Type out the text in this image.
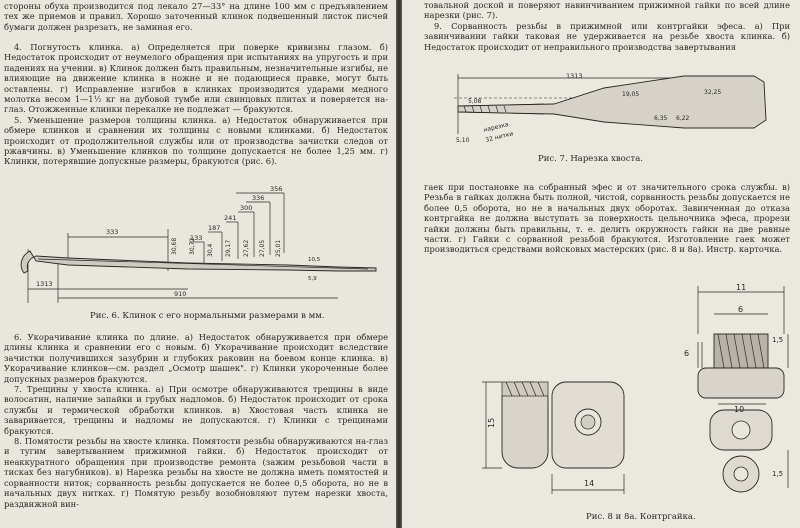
стороны обуха производится под лекало 27—33° на длине 100 мм с предъявлением тех же приемов и правил. Хорошо заточенный клинок подвешенный листок писчей бумаги должен разрезать, не заминая его.

4. Погнутость клинка. а) Определяется при поверке кривизны глазом. б) Недостаток происходит от неумелого обращения при испытаниях на упругость и при падениях на учении. в) Клинок должен быть правильным, незначительные изгибы, не влияющие на движение клинка в ножне и не подающиеся правке, могут быть оставлены. г) Исправление изгибов в клинках производится ударами медного молотка весом 1—1½ кг на дубовой тумбе или свинцовых плитах и поверяется на-глаз. Отожженные клинки перекалке не подлежат — бракуются.

5. Уменьшение размеров толщины клинка. а) Недостаток обнаруживается при обмере клинков и сравнении их толщины с новыми клинками. б) Недостаток происходит от продолжительной службы или от производства зачистки следов от ржавчины. в) Уменьшение клинков по толщине допускается не более 1,25 мм. г) Клинки, потерявшие допускные размеры, бракуются (рис. 6).

356
336
300
241
187
133
333
1313
910
30,68 30,72 30,4 29,17 27,62 27,05 25,01
10,5
5,9
Рис. 6. Клинок с его нормальными размерами в мм.

6. Укорачивание клинка по длине. а) Недостаток обнаруживается при обмере длины клинка и сравнении его с новым. б) Укорачивание происходит вследствие зачистки получившихся зазубрин и глубоких раковин на боевом конце клинка. в) Укорачивание клинков—см. раздел „Осмотр шашек". г) Клинки укороченные более допускных размеров бракуются.

7. Трещины у хвоста клинка. а) При осмотре обнаруживаются трещины в виде волосатин, наличие запайки и грубых надломов. б) Недостаток происходит от срока службы и термической обработки клинков. в) Хвостовая часть клинка не заваривается, трещины и надломы не допускаются. г) Клинки с трещинами бракуются.

8. Помятости резьбы на хвосте клинка. Помятости резьбы обнаруживаются на-глаз и тугим завертыванием прижимной гайки. б) Недостаток происходит от неаккуратного обращения при производстве ремонта (зажим резьбовой части в тисках без нагубников). в) Нарезка резьбы на хвосте не должна иметь помятостей и сорванности ниток; сорванность резьбы допускается не более 0,5 оборота, но не в начальных двух нитках. г) Помятую резьбу возобновляют путем нарезки хвоста, раздвижной вин-

товальной доской и поверяют навинчиванием прижимной гайки по всей длине нарезки (рис. 7).

9. Сорванность резьбы в прижимной или контргайки эфеса. а) При завинчивании гайки таковая не удерживается на резьбе хвоста клинка. б) Недостаток происходит от неправильного производства завертывания

1313
5,08
19,05	32,25
6,35 6,22
5,10
нарезка
32 нитки
Рис. 7. Нарезка хвоста.

гаек при постановке на собранный эфес и от значительного срока службы. в) Резьба в гайках должна быть полной, чистой, сорванность резьбы допускается не более 0,5 оборота, но не в начальных двух оборотах. Завинченная до отказа контргайка не должна выступать за поверхность цельночника эфеса, прорези гайки должны быть правильны, т. е. делить окружность гайки на две равные части. г) Гайки с сорванной резьбой бракуются. Изготовление гаек может производиться средствами войсковых мастерских (рис. 8 и 8а). Инстр. карточка.

15
14
11
6
6
10
1,5
1,5
Рис. 8 и 8а. Контргайка.
